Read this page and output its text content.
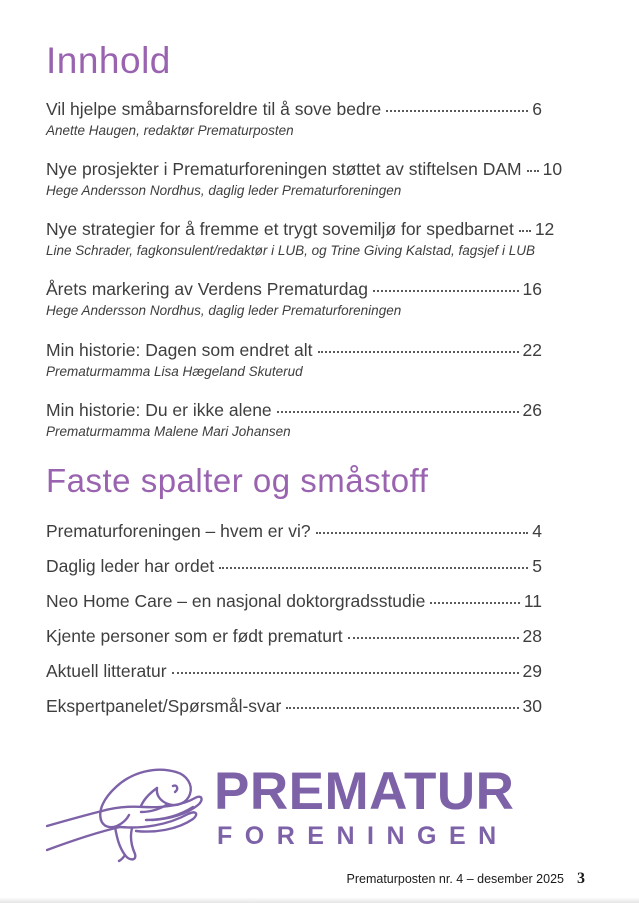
Innhold
Vil hjelpe småbarnsforeldre til å sove bedre	6
Anette Haugen, redaktør Prematurposten
Nye prosjekter i Prematurforeningen støttet av stiftelsen DAM 10
Hege Andersson Nordhus, daglig leder Prematurforeningen
Nye strategier for å fremme et trygt sovemiljø for spedbarnet 12
Line Schrader, fagkonsulent/redaktør i LUB, og Trine Giving Kalstad, fagsjef i LUB
Årets markering av Verdens Prematurdag	16
Hege Andersson Nordhus, daglig leder Prematurforeningen
Min historie: Dagen som endret alt	22
Prematurmamma Lisa Hægeland Skuterud
Min historie: Du er ikke alene	26
Prematurmamma Malene Mari Johansen
Faste spalter og småstoff
Prematurforeningen – hvem er vi?	4
Daglig leder har ordet	5
Neo Home Care – en nasjonal doktorgradsstudie	11
Kjente personer som er født prematurt	28
Aktuell litteratur	29
Ekspertpanelet/Spørsmål-svar	30
PREMATUR
FORENINGEN
Prematurposten nr. 4 – desember 2025 3
